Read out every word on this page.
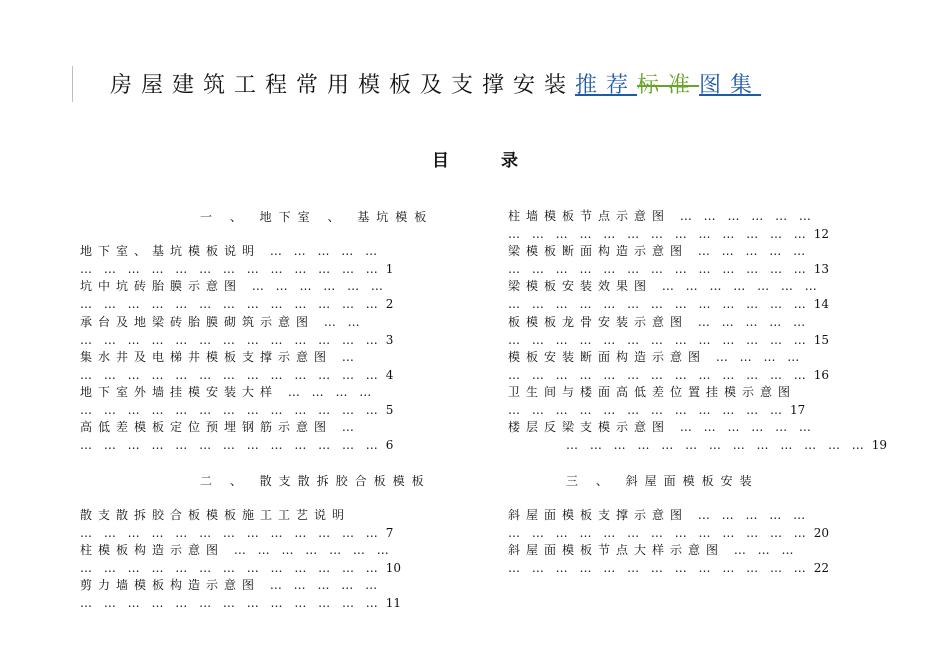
房屋建筑工程常用模板及支撑安装推荐标准图集
目	录
一 、 地下室 、 基坑模板
二 、 散支散拆胶合板模板	三 、 斜屋面模板安装
地下室、基坑模板说明 … … … … …
… … … … … … … … … … … … … 1
坑中坑砖胎膜示意图 … … … … … …
… … … … … … … … … … … … … 2
承台及地梁砖胎膜砌筑示意图 … …
… … … … … … … … … … … … … 3
集水井及电梯井模板支撑示意图 …
… … … … … … … … … … … … … 4
地下室外墙挂模安装大样 … … … …
… … … … … … … … … … … … … 5
高低差模板定位预埋钢筋示意图 …
… … … … … … … … … … … … … 6
散支散拆胶合板模板施工工艺说明
… … … … … … … … … … … … … 7
柱模板构造示意图 … … … … … … …
… … … … … … … … … … … … … 10
剪力墙模板构造示意图 … … … … …
… … … … … … … … … … … … … 11
柱墙模板节点示意图 … … … … … …
… … … … … … … … … … … … … 12
梁模板断面构造示意图 … … … … …
… … … … … … … … … … … … … 13
梁模板安装效果图 … … … … … … …
… … … … … … … … … … … … … 14
板模板龙骨安装示意图 … … … … …
… … … … … … … … … … … … … 15
模板安装断面构造示意图 … … … …
… … … … … … … … … … … … … 16
卫生间与楼面高低差位置挂模示意图
… … … … … … … … … … … … 17
楼层反梁支模示意图 … … … … … …
… … … … … … … … … … … … … 19
斜屋面模板支撑示意图 … … … … …
… … … … … … … … … … … … … 20
斜屋面模板节点大样示意图 … … …
… … … … … … … … … … … … … 22
